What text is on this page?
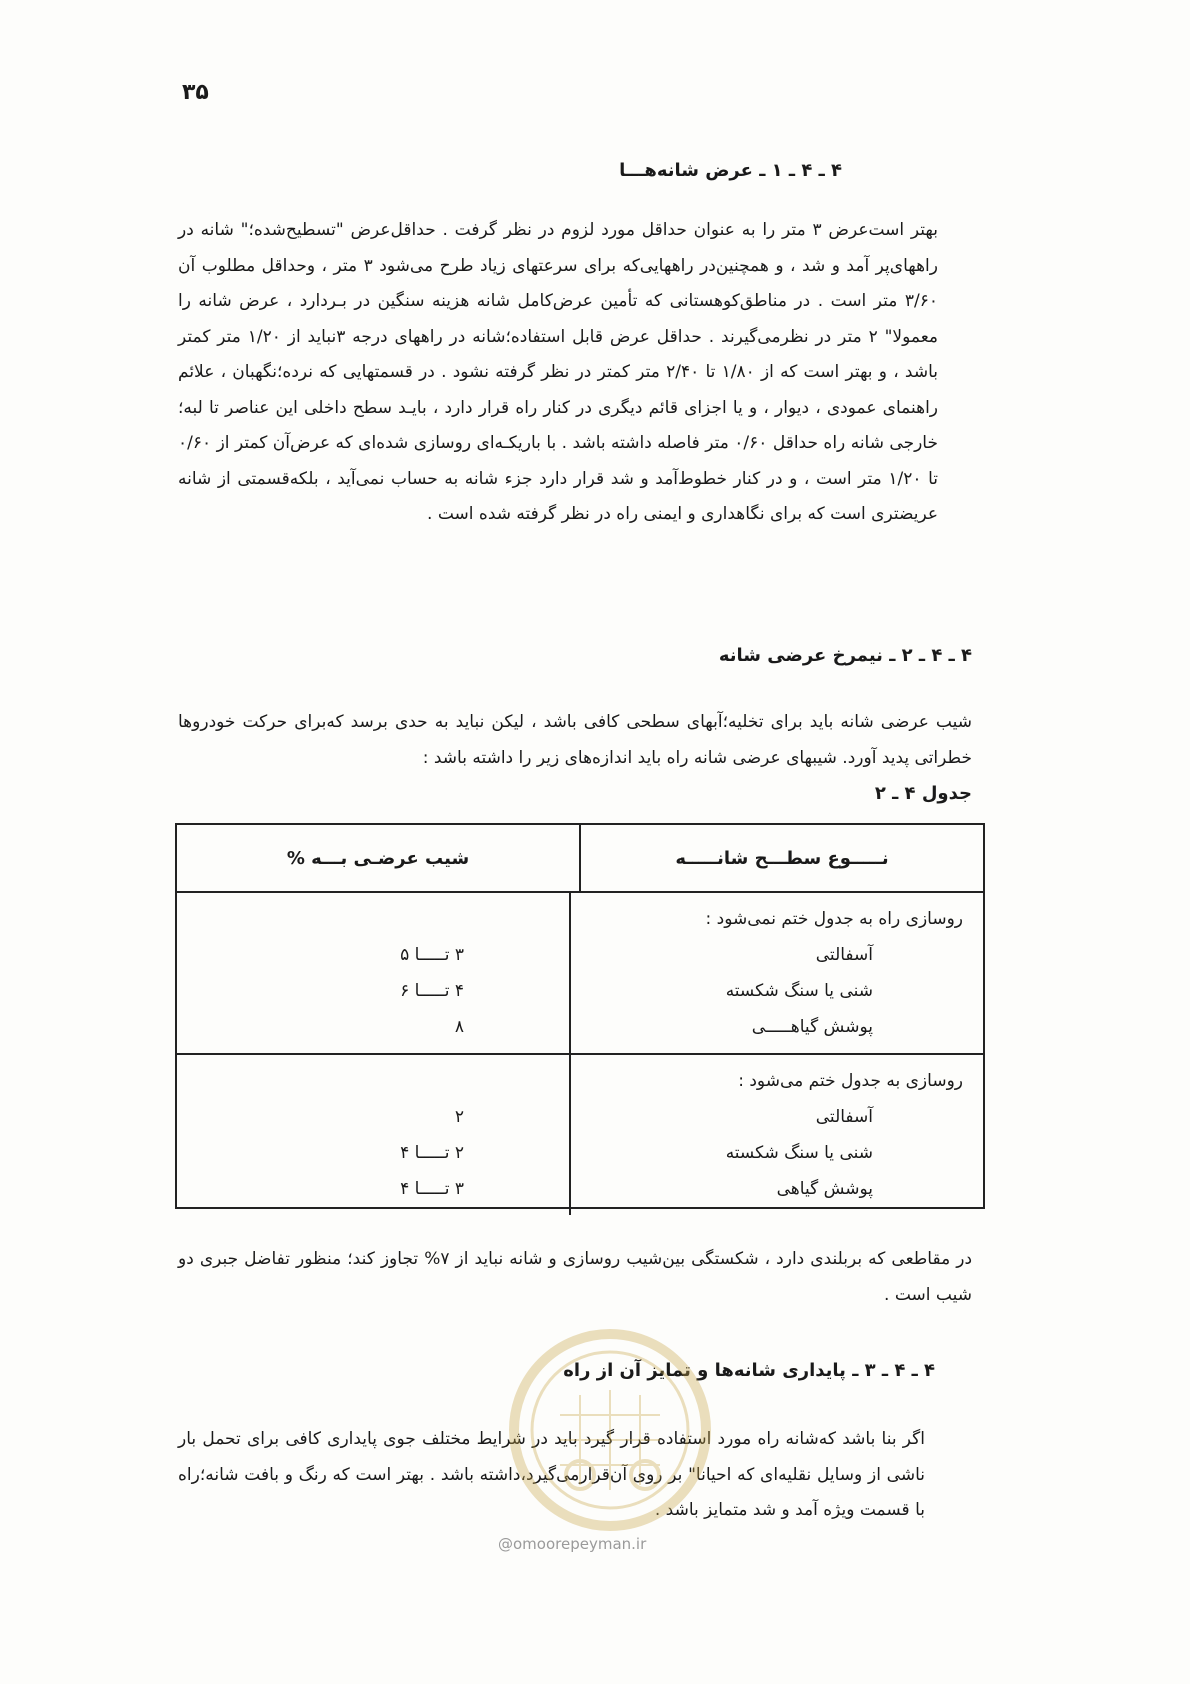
۳۵
۴ ـ ۴ ـ ۱ ـ عرض شانه‌هـــا

بهتر است‌عرض ۳ متر را به عنوان حداقل مورد لزوم در نظر گرفت . حداقل‌عرض "تسطیح‌شده؛" شانه در راههای‌پر آمد و شد ، و همچنین‌در راههایی‌که برای سرعتهای زیاد طرح می‌شود ۳ متر ، وحداقل مطلوب آن ۳/۶۰ متر است . در مناطق‌کوهستانی که تأمین عرض‌کامل شانه هزینه سنگین در بـردارد ، عرض شانه را معمولا" ۲ متر در نظرمی‌گیرند . حداقل عرض قابل استفاده؛شانه در راههای درجه ۳نباید از ۱/۲۰ متر کمتر باشد ، و بهتر است که از ۱/۸۰ تا ۲/۴۰ متر کمتر در نظر گرفته نشود . در قسمتهایی که نرده؛نگهبان ، علائم راهنمای عمودی ، دیوار ، و یا اجزای قائم دیگری در کنار راه قرار دارد ، بایـد سطح داخلی این عناصر تا لبه؛خارجی شانه راه حداقل ۰/۶۰ متر فاصله داشته باشد . با باریکـه‌ای روسازی شده‌ای که عرض‌آن کمتر از ۰/۶۰ تا ۱/۲۰ متر است ، و در کنار خطوط‌آمد و شد قرار دارد جزء شانه به حساب نمی‌آید ، بلکه‌قسمتی از شانه عریضتری است که برای نگاهداری و ایمنی راه در نظر گرفته شده است .

۴ ـ ۴ ـ ۲ ـ نیمرخ عرضی شانه

شیب عرضی شانه باید برای تخلیه؛آبهای سطحی کافی باشد ، لیکن نباید به حدی برسد که‌برای حرکت خودروها خطراتی پدید آورد. شیبهای عرضی شانه راه باید اندازه‌های زیر را داشته باشد :

جدول ۴ ـ ۲
نـــــوع سطـــح شانـــــه
شیب عرضـی بـــه %
روسازی راه به جدول ختم نمی‌شود :
آسفالتی
شنی یا سنگ شکسته
پوشش گیاهـــــی
۳ تـــــا ۵
۴ تـــــا ۶
۸
روسازی به جدول ختم می‌شود :
آسفالتی
شنی یا سنگ شکسته
پوشش گیاهی
۲
۲ تـــــا ۴
۳ تـــــا ۴

در مقاطعی که بربلندی دارد ، شکستگی بین‌شیب روسازی و شانه نباید از ۷% تجاوز کند؛ منظور تفاضل جبری دو شیب است .

۴ ـ ۴ ـ ۳ ـ پایداری شانه‌ها و تمایز آن از راه

اگر بنا باشد که‌شانه راه مورد استفاده قرار گیرد باید در شرایط مختلف جوی پایداری کافی برای تحمل بار ناشی از وسایل نقلیه‌ای که احیانا" بر روی آن‌قرارمی‌گیرد،داشته باشد . بهتر است که رنگ و بافت شانه؛راه با قسمت ویژه آمد و شد متمایز باشد .

@omoorepeyman.ir
